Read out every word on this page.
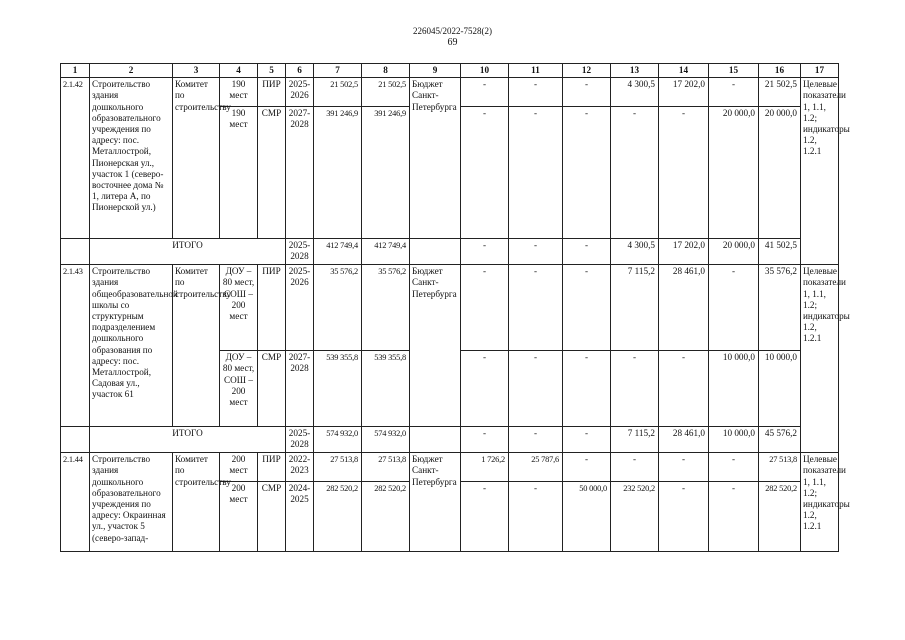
226045/2022-7528(2)
69
1	2	3	4	5	6	7	8	9	10	11	12	13	14	15	16	17
2.1.42	Строительство здания дошкольного образовательного учреждения по адресу: пос. Металлострой, Пионерская ул., участок 1 (северо-восточнее дома № 1, литера А, по Пионерской ул.)	Комитет по строительству	190 мест	ПИР	2025-2026	21 502,5	21 502,5	Бюджет Санкт-Петербурга	-	-	-	4 300,5	17 202,0	-	21 502,5	Целевые показатели 1, 1.1, 1.2; индикаторы 1.2, 1.2.1
			190 мест	СМР	2027-2028	391 246,9	391 246,9		-	-	-	-	-	20 000,0	20 000,0	
	ИТОГО				2025-2028	412 749,4	412 749,4		-	-	-	4 300,5	17 202,0	20 000,0	41 502,5	
2.1.43	Строительство здания общеобразовательной школы со структурным подразделением дошкольного образования по адресу: пос. Металлострой, Садовая ул., участок 61	Комитет по строительству	ДОУ – 80 мест, СОШ – 200 мест	ПИР	2025-2026	35 576,2	35 576,2	Бюджет Санкт-Петербурга	-	-	-	7 115,2	28 461,0	-	35 576,2	Целевые показатели 1, 1.1, 1.2; индикаторы 1.2, 1.2.1
			ДОУ – 80 мест, СОШ – 200 мест	СМР	2027-2028	539 355,8	539 355,8		-	-	-	-	-	10 000,0	10 000,0	
	ИТОГО				2025-2028	574 932,0	574 932,0		-	-	-	7 115,2	28 461,0	10 000,0	45 576,2	
2.1.44	Строительство здания дошкольного образовательного учреждения по адресу: Окраинная ул., участок 5 (северо-запад-	Комитет по строительству	200 мест	ПИР	2022-2023	27 513,8	27 513,8	Бюджет Санкт-Петербурга	1 726,2	25 787,6	-	-	-	-	27 513,8	Целевые показатели 1, 1.1, 1.2; индикаторы 1.2, 1.2.1
			200 мест	СМР	2024-2025	282 520,2	282 520,2		-	-	50 000,0	232 520,2	-	-	282 520,2	
